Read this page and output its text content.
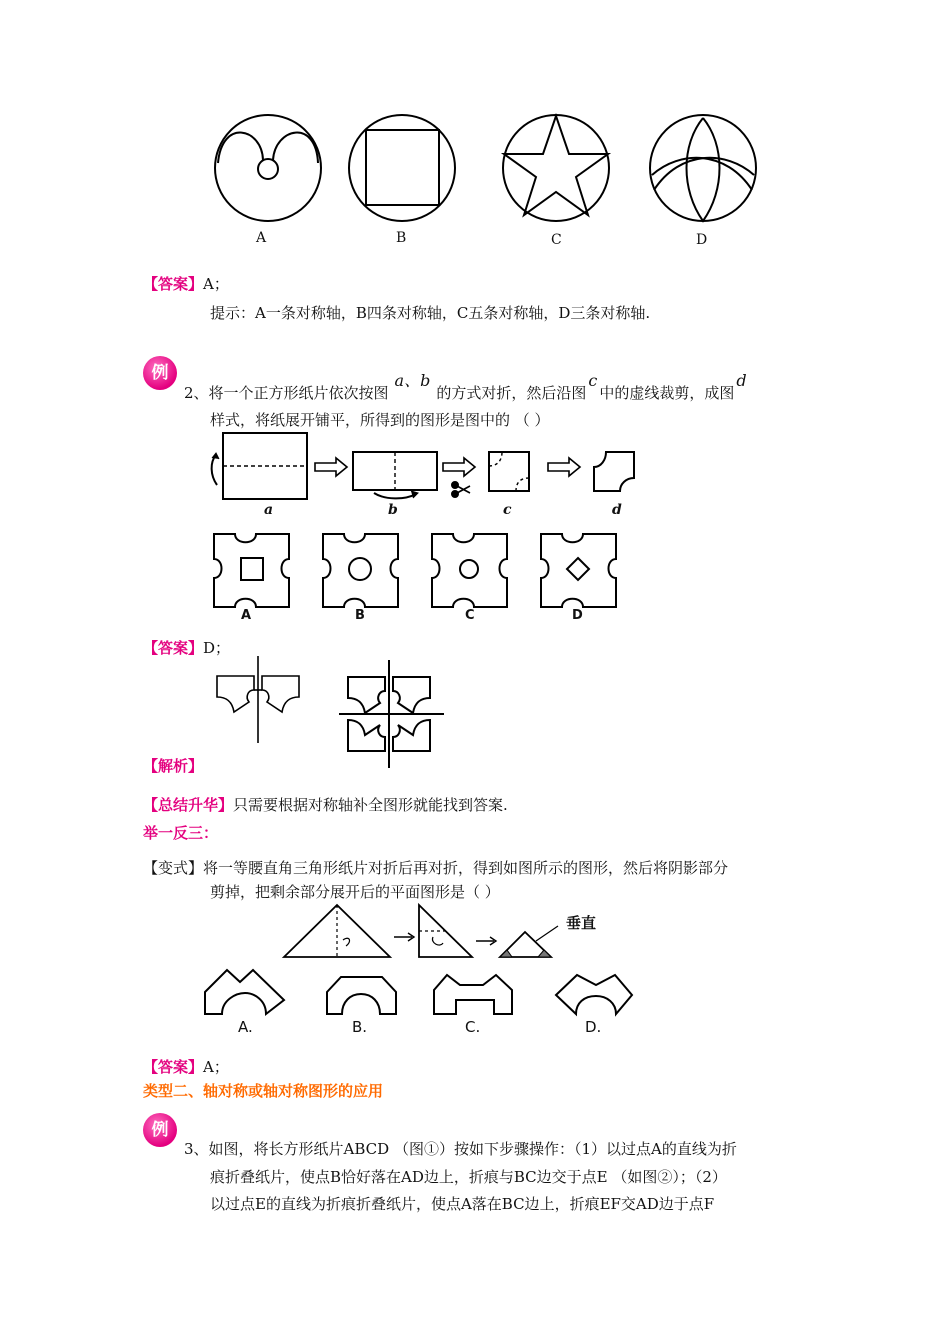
A	B	C	D
【答案】A；
提示：A一条对称轴，B四条对称轴，C五条对称轴，D三条对称轴.
例
2、将一个正方形纸片依次按图a、b的方式对折，然后沿图c中的虚线裁剪，成图d
样式，将纸展开铺平，所得到的图形是图中的 （ ）
a	b	c	d
A	B	C	D
【答案】D；
【解析】
【总结升华】只需要根据对称轴补全图形就能找到答案.
举一反三：
【变式】将一等腰直角三角形纸片对折后再对折，得到如图所示的图形，然后将阴影部分
剪掉，把剩余部分展开后的平面图形是（ ）
垂直
A.	B.	C.	D.
【答案】A；
类型二、轴对称或轴对称图形的应用
例
3、如图，将长方形纸片ABCD （图①）按如下步骤操作：（1）以过点A的直线为折
痕折叠纸片，使点B恰好落在AD边上，折痕与BC边交于点E （如图②）；（2）
以过点E的直线为折痕折叠纸片，使点A落在BC边上，折痕EF交AD边于点F
